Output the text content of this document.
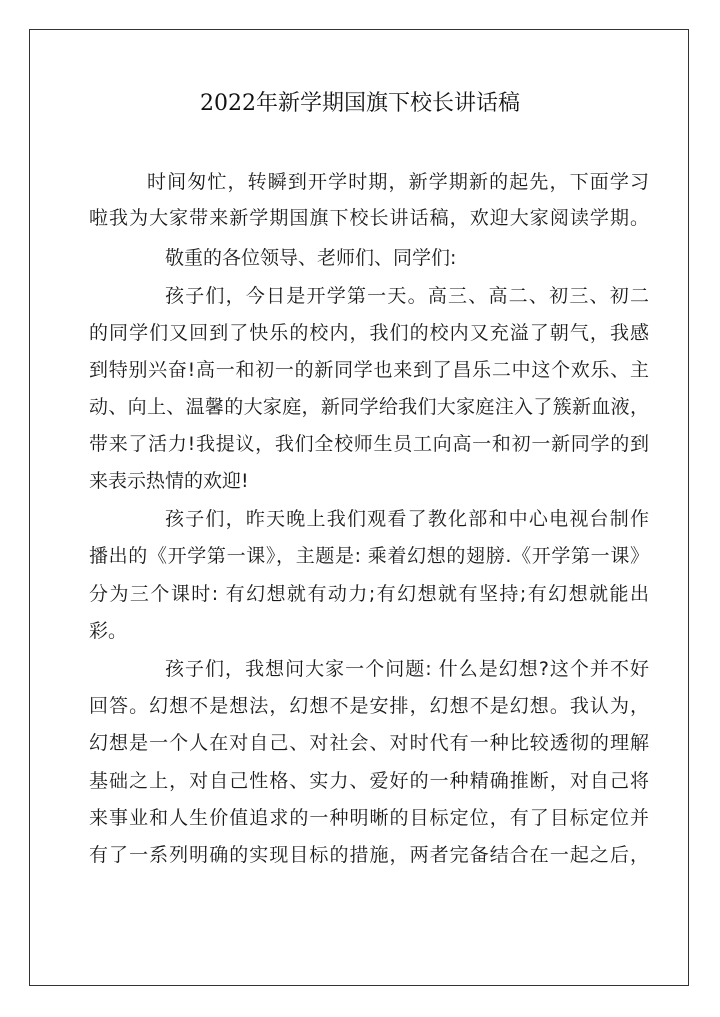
2022年新学期国旗下校长讲话稿
时间匆忙，转瞬到开学时期，新学期新的起先，下面学习
啦我为大家带来新学期国旗下校长讲话稿，欢迎大家阅读学期。
敬重的各位领导、老师们、同学们:
孩子们，今日是开学第一天。高三、高二、初三、初二
的同学们又回到了快乐的校内，我们的校内又充溢了朝气，我感
到特别兴奋!高一和初一的新同学也来到了昌乐二中这个欢乐、主
动、向上、温馨的大家庭，新同学给我们大家庭注入了簇新血液，
带来了活力!我提议，我们全校师生员工向高一和初一新同学的到
来表示热情的欢迎!
孩子们，昨天晚上我们观看了教化部和中心电视台制作
播出的《开学第一课》，主题是: 乘着幻想的翅膀.《开学第一课》
分为三个课时: 有幻想就有动力;有幻想就有坚持;有幻想就能出
彩。
孩子们，我想问大家一个问题: 什么是幻想?这个并不好
回答。幻想不是想法，幻想不是安排，幻想不是幻想。我认为，
幻想是一个人在对自己、对社会、对时代有一种比较透彻的理解
基础之上，对自己性格、实力、爱好的一种精确推断，对自己将
来事业和人生价值追求的一种明晰的目标定位，有了目标定位并
有了一系列明确的实现目标的措施，两者完备结合在一起之后，
